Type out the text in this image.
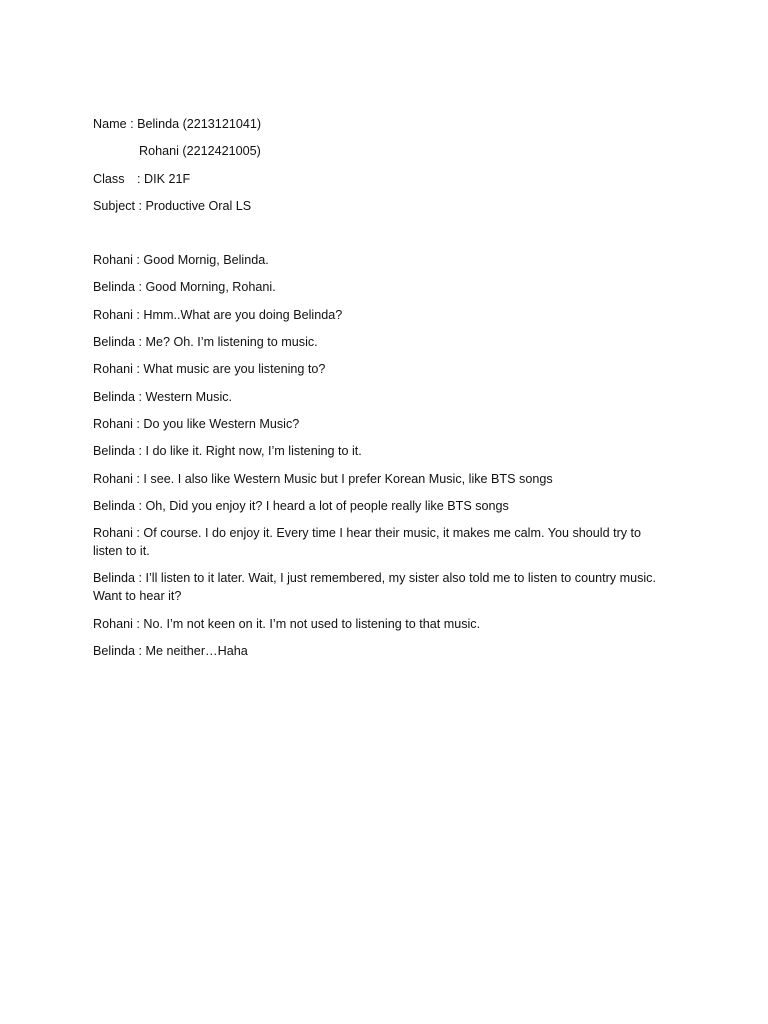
Name : Belinda (2213121041)
Rohani (2212421005)
Class : DIK 21F
Subject : Productive Oral LS
Rohani : Good Mornig, Belinda.
Belinda : Good Morning, Rohani.
Rohani : Hmm..What are you doing Belinda?
Belinda : Me? Oh. I’m listening to music.
Rohani : What music are you listening to?
Belinda : Western Music.
Rohani : Do you like Western Music?
Belinda : I do like it. Right now, I’m listening to it.
Rohani : I see. I also like Western Music but I prefer Korean Music, like BTS songs
Belinda : Oh, Did you enjoy it? I heard a lot of people really like BTS songs
Rohani : Of course. I do enjoy it. Every time I hear their music, it makes me calm. You should try to listen to it.
Belinda : I’ll listen to it later. Wait, I just remembered, my sister also told me to listen to country music. Want to hear it?
Rohani : No. I’m not keen on it. I’m not used to listening to that music.
Belinda : Me neither…Haha
